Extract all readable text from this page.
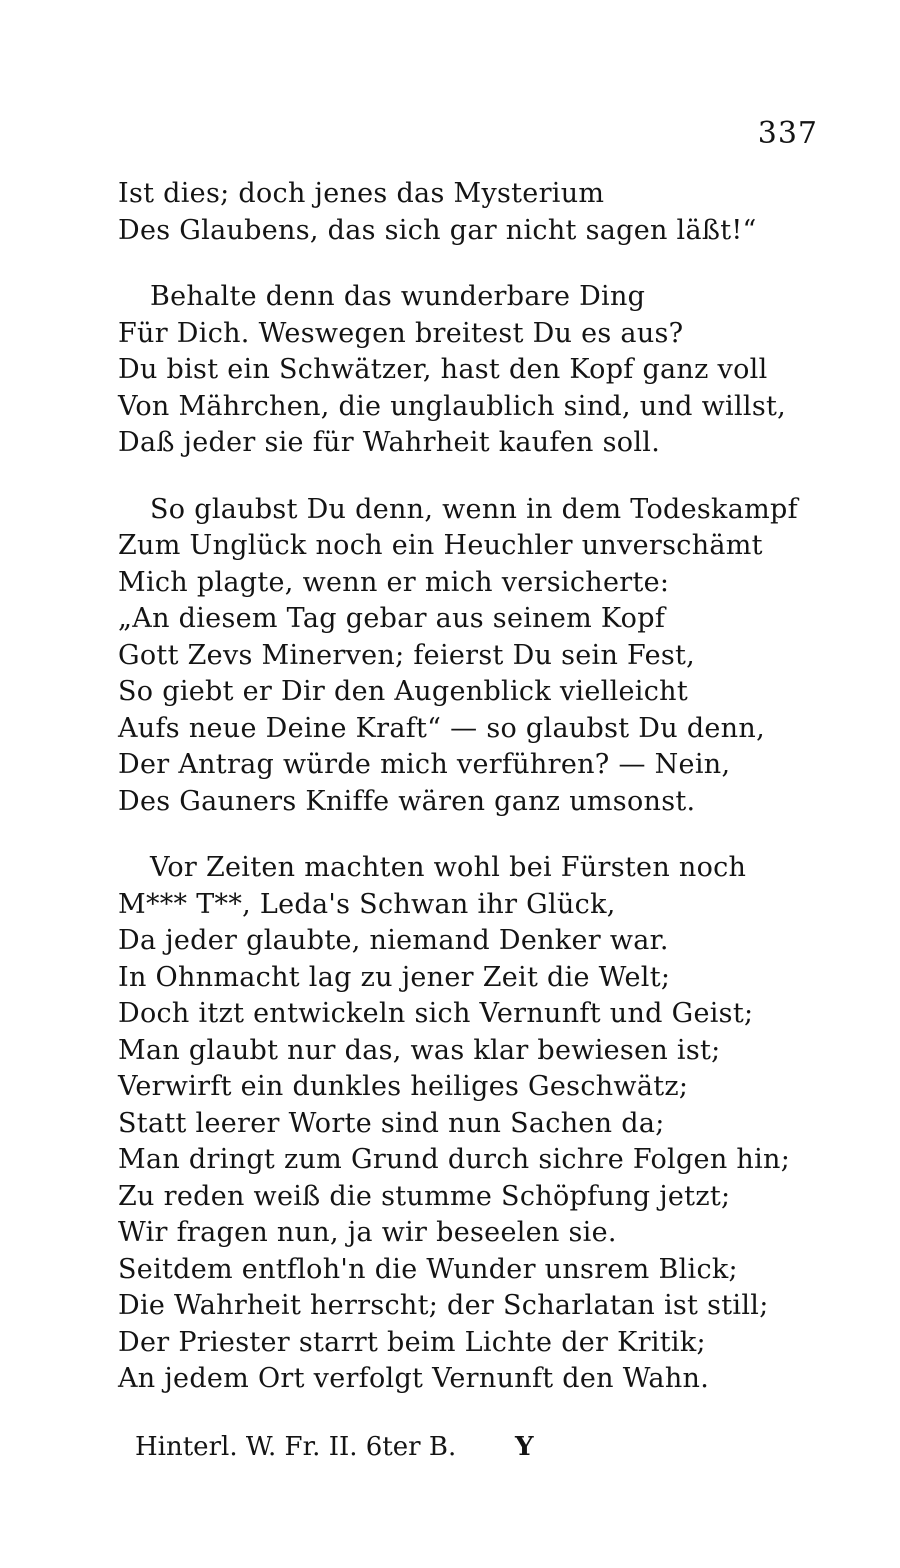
337
Ist dies; doch jenes das Mysterium
Des Glaubens, das sich gar nicht sagen läßt!“
Behalte denn das wunderbare Ding
Für Dich. Weswegen breitest Du es aus?
Du bist ein Schwätzer, hast den Kopf ganz voll
Von Mährchen, die unglaublich sind, und willst,
Daß jeder sie für Wahrheit kaufen soll.
So glaubst Du denn, wenn in dem Todeskampf
Zum Unglück noch ein Heuchler unverschämt
Mich plagte, wenn er mich versicherte:
„An diesem Tag gebar aus seinem Kopf
Gott Zevs Minerven; feierst Du sein Fest,
So giebt er Dir den Augenblick vielleicht
Aufs neue Deine Kraft“ — so glaubst Du denn,
Der Antrag würde mich verführen? — Nein,
Des Gauners Kniffe wären ganz umsonst.
Vor Zeiten machten wohl bei Fürsten noch
M*** T**, Leda's Schwan ihr Glück,
Da jeder glaubte, niemand Denker war.
In Ohnmacht lag zu jener Zeit die Welt;
Doch itzt entwickeln sich Vernunft und Geist;
Man glaubt nur das, was klar bewiesen ist;
Verwirft ein dunkles heiliges Geschwätz;
Statt leerer Worte sind nun Sachen da;
Man dringt zum Grund durch sichre Folgen hin;
Zu reden weiß die stumme Schöpfung jetzt;
Wir fragen nun, ja wir beseelen sie.
Seitdem entfloh'n die Wunder unsrem Blick;
Die Wahrheit herrscht; der Scharlatan ist still;
Der Priester starrt beim Lichte der Kritik;
An jedem Ort verfolgt Vernunft den Wahn.
Hinterl. W. Fr. II. 6ter B. Y
